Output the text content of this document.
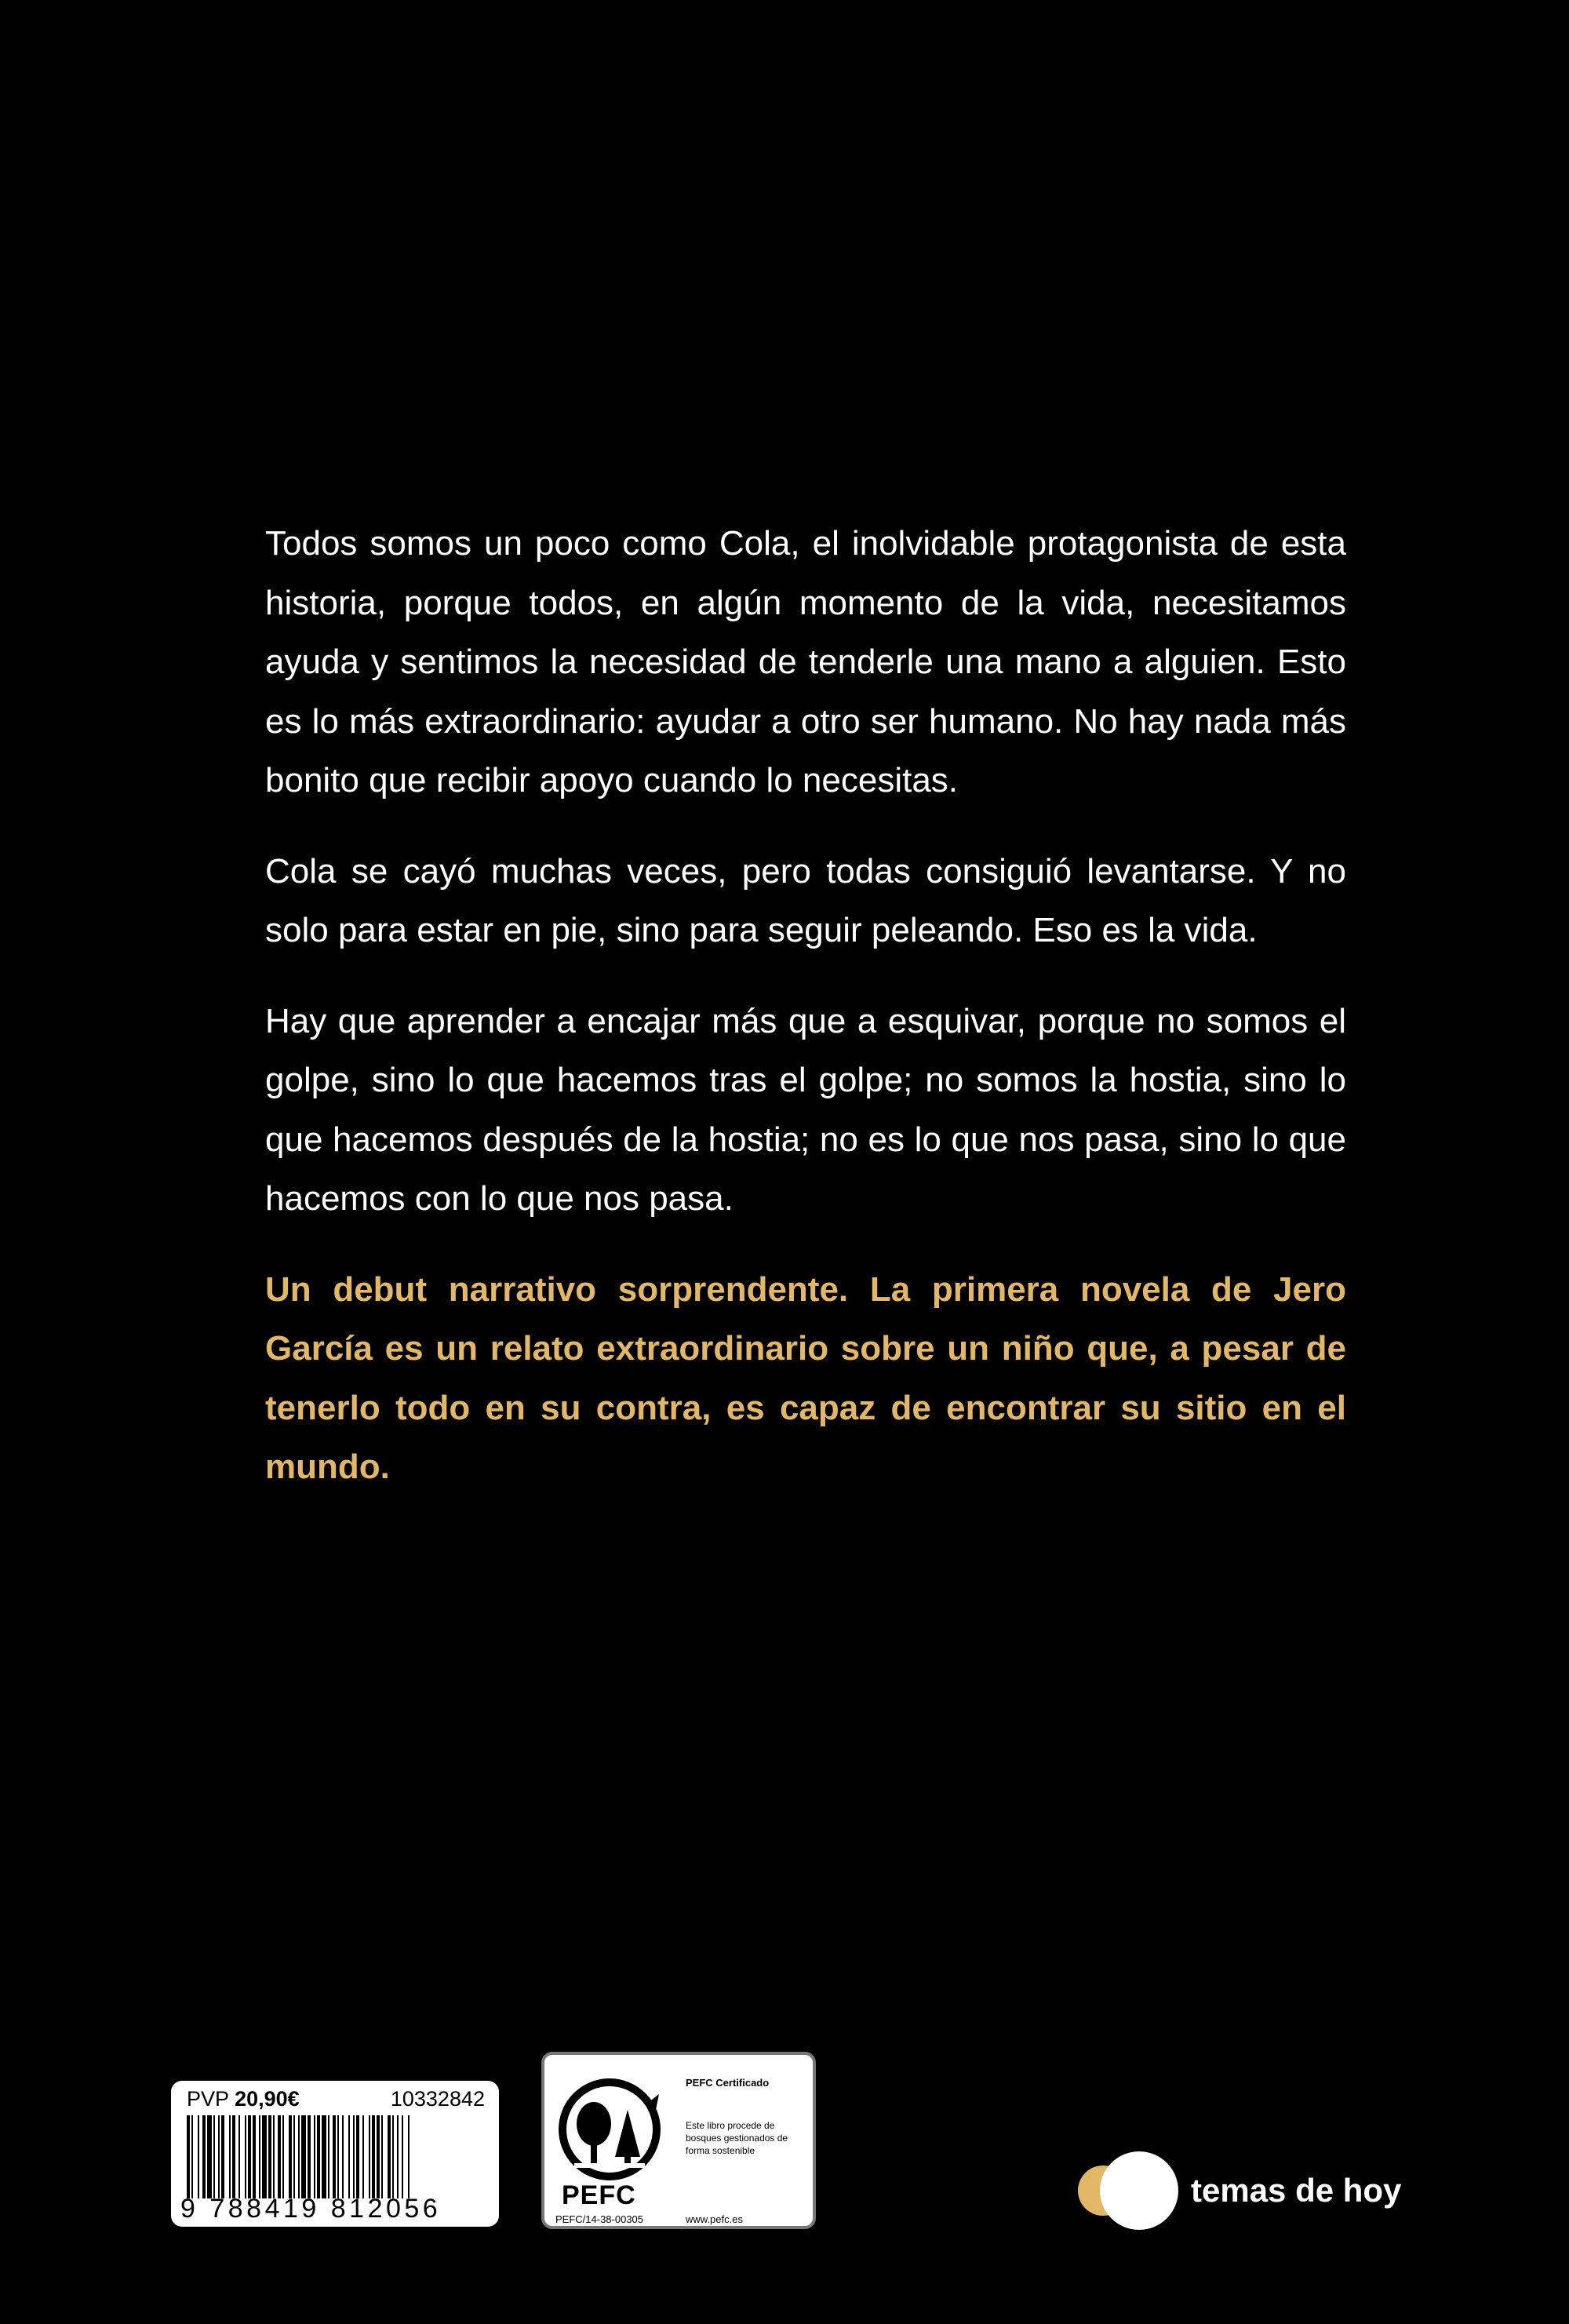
Todos somos un poco como Cola, el inolvidable protagonista de esta historia, porque todos, en algún momento de la vida, necesitamos ayuda y sentimos la necesidad de tenderle una mano a alguien. Esto es lo más extraordinario: ayudar a otro ser humano. No hay nada más bonito que recibir apoyo cuando lo necesitas.

Cola se cayó muchas veces, pero todas consiguió levantarse. Y no solo para estar en pie, sino para seguir peleando. Eso es la vida.

Hay que aprender a encajar más que a esquivar, porque no somos el golpe, sino lo que hacemos tras el golpe; no somos la hostia, sino lo que hacemos después de la hostia; no es lo que nos pasa, sino lo que hacemos con lo que nos pasa.

Un debut narrativo sorprendente. La primera novela de Jero García es un relato extraordinario sobre un niño que, a pesar de tenerlo todo en su contra, es capaz de encontrar su sitio en el mundo.

PVP 20,90€	10332842
9 788419 812056	PEFC
PEFC/14-38-00305
PEFC Certificado
Este libro procede de bosques gestionados de forma sostenible
www.pefc.es
temas de hoy
